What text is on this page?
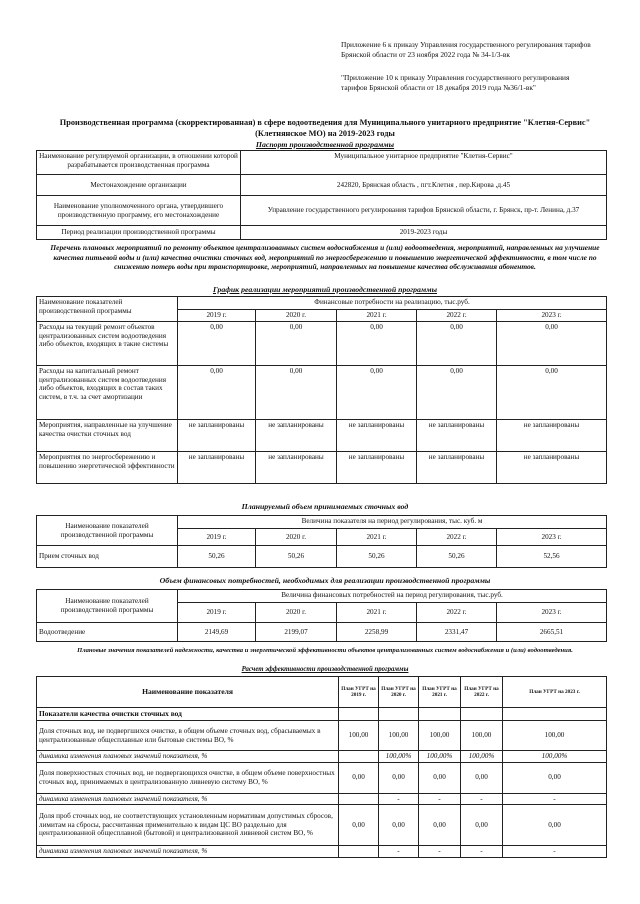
Приложение 6 к приказу Управления государственного регулирования тарифов
Брянской области от 23 ноября 2022 года № 34-1/3-вк
"Приложение 10 к приказу Управления государственного регулирования
тарифов Брянской области от 18 декабря 2019 года №36/1-вк"
Производственная программа (скорректированная) в сфере водоотведения для Муниципального унитарного предприятие "Клетня-Сервис"
(Клетнянское МО) на 2019-2023 годы
Паспорт производственной программы
Наименование регулируемой организации, в отношении которой разрабатывается производственная программа	Муниципальное унитарное предприятие "Клетня-Сервис"
Местонахождение организации	242820, Брянская область , пгт.Клетня , пер.Кирова ,д.45
Наименование уполномоченного органа, утвердившего производственную программу, его местонахождение	Управление государственного регулирования тарифов Брянской области, г. Брянск, пр-т. Ленина, д.37
Период реализации производственной программы	2019-2023 годы
Перечень плановых мероприятий по ремонту объектов централизованных систем водоснабжения и (или) водоотведения, мероприятий, направленных на улучшение качества питьевой воды и (или) качества очистки сточных вод, мероприятий по энергосбережению и повышению энергетической эффективности, в том числе по снижению потерь воды при транспортировке, мероприятий, направленных на повышение качества обслуживания абонентов.
График реализации мероприятий производственной программы
Наименование показателей производственной программы	Финансовые потребности на реализацию, тыс.руб.				
	2019 г.	2020 г.	2021 г.	2022 г.	2023 г.
Расходы на текущий ремонт объектов централизованных систем водоотведения либо объектов, входящих в такие системы	0,00	0,00	0,00	0,00	0,00
Расходы на капитальный ремонт централизованных систем водоотведения либо объектов, входящих в состав таких систем, в т.ч. за счет амортизации	0,00	0,00	0,00	0,00	0,00
Мероприятия, направленные на улучшение качества очистки сточных вод	не запланированы	не запланированы	не запланированы	не запланированы	не запланированы
Мероприятия по энергосбережению и повышению энергетической эффективности	не запланированы	не запланированы	не запланированы	не запланированы	не запланированы
Планируемый объем принимаемых сточных вод
Наименование показателей производственной программы	Величина показателя на период регулирования, тыс. куб. м				
	2019 г.	2020 г.	2021 г.	2022 г.	2023 г.
Прием сточных вод	50,26	50,26	50,26	50,26	52,56
Объем финансовых потребностей, необходимых для реализации производственной программы
Наименование показателей производственной программы	Величина финансовых потребностей на период регулирования, тыс.руб.				
	2019 г.	2020 г.	2021 г.	2022 г.	2023 г.
Водоотведение	2149,69	2199,07	2258,99	2331,47	2665,51
Плановые значения показателей надежности, качества и энергетической эффективности объектов централизованных систем водоснабжения и (или) водоотведения.
Расчет эффективности производственной программы
Наименование показателя	План УГРТ на 2019 г.	План УГРТ на 2020 г.	План УГРТ на 2021 г.	План УГРТ на 2022 г.	План УГРТ на 2023 г.
Показатели качества очистки сточных вод					
Доля сточных вод, не подвергшихся очистке, в общем объеме сточных вод, сбрасываемых в централизованные общесплавные или бытовые системы ВО, %	100,00	100,00	100,00	100,00	100,00
динамика изменения плановых значений показателя, %		100,00%	100,00%	100,00%	100,00%
Доля поверхностных сточных вод, не подвергающихся очистке, в общем объеме поверхностных сточных вод, принимаемых в централизованную ливневую систему ВО, %	0,00	0,00	0,00	0,00	0,00
динамика изменения плановых значений показателя, %		-	-	-	-
Доля проб сточных вод, не соответствующих установленным нормативам допустимых сбросов, лимитам на сбросы, рассчитанная применительно к видам ЦС ВО раздельно для централизованной общесплавной (бытовой) и централизованной ливневой систем ВО, %	0,00	0,00	0,00	0,00	0,00
динамика изменения плановых значений показателя, %		-	-	-	-
